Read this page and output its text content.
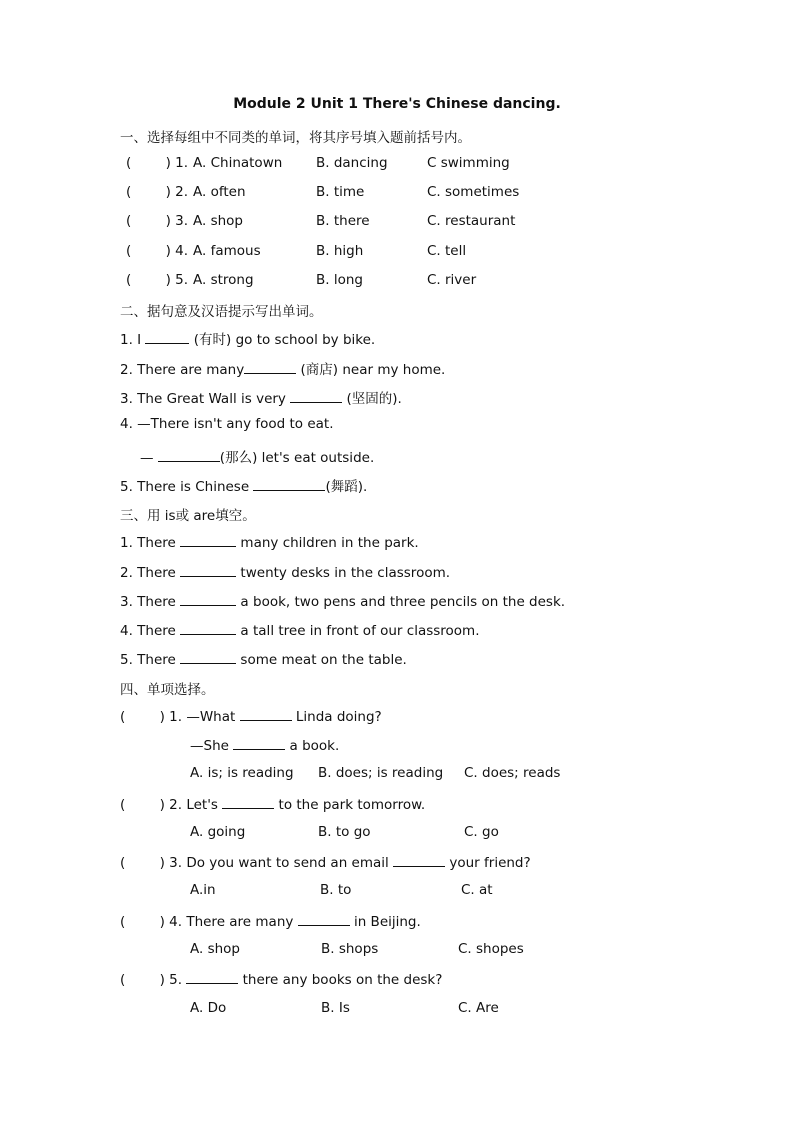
Module 2 Unit 1 There's Chinese dancing.
一、选择每组中不同类的单词，将其序号填入题前括号内。
(        ) 1. A. Chinatown B. dancing	C swimming
(        ) 2. A. often	B. time	C. sometimes
(        ) 3. A. shop	B. there	C. restaurant
(        ) 4. A. famous	B. high	C. tell
(        ) 5. A. strong	B. long	C. river
二、据句意及汉语提示写出单词。
1. I	(有时) go to school by bike.
2. There are many	(商店) near my home.
3. The Great Wall is very	(坚固的).
4. —There isn't any food to eat.
—	(那么) let's eat outside.
5. There is Chinese	(舞蹈).
三、用 is或 are填空。
1. There	many children in the park.
2. There	twenty desks in the classroom.
3. There	a book, two pens and three pencils on the desk.
4. There	a tall tree in front of our classroom.
5. There	some meat on the table.
四、单项选择。
(        ) 1. —What	Linda doing?
—She	a book.
A. is; is reading B. does; is reading C. does; reads
(        ) 2. Let's	to the park tomorrow.
A. going	B. to go	C. go
(        ) 3. Do you want to send an email	your friend?
A.in	B. to	C. at
(        ) 4. There are many	in Beijing.
A. shop	B. shops	C. shopes
(        ) 5.	there any books on the desk?
A. Do	B. Is	C. Are
